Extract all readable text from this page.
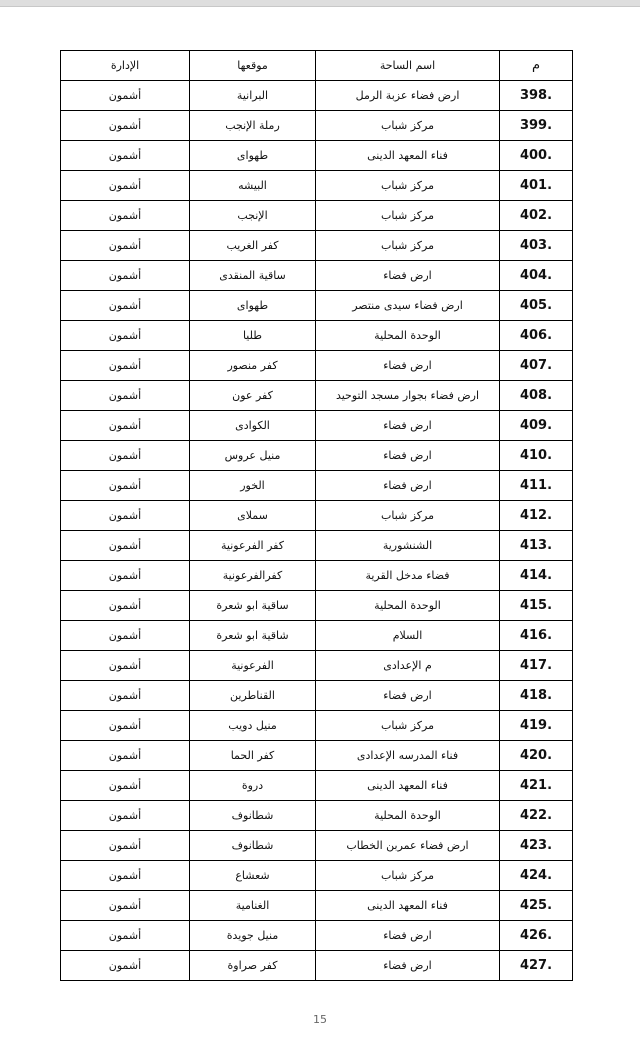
م	اسم الساحة	موقعها	الإدارة
398.	ارض فضاء عزبة الرمل	البرانية	أشمون
399.	مركز شباب	رملة الإنجب	أشمون
400.	فناء المعهد الدينى	طهواى	أشمون
401.	مركز شباب	البيشه	أشمون
402.	مركز شباب	الإنجب	أشمون
403.	مركز شباب	كفر الغريب	أشمون
404.	ارض فضاء	ساقية المنقدى	أشمون
405.	ارض فضاء سيدى منتصر	طهواى	أشمون
406.	الوحدة المحلية	طليا	أشمون
407.	ارض فضاء	كفر منصور	أشمون
408.	ارض فضاء بجوار مسجد التوحيد	كفر عون	أشمون
409.	ارض فضاء	الكوادى	أشمون
410.	ارض فضاء	منيل عروس	أشمون
411.	ارض فضاء	الخور	أشمون
412.	مركز شباب	سملاى	أشمون
413.	الشنشورية	كفر الفرعونية	أشمون
414.	فضاء مدخل القرية	كفرالفرعونية	أشمون
415.	الوحدة المحلية	ساقية ابو شعرة	أشمون
416.	السلام	شاقية ابو شعرة	أشمون
417.	م الإعدادى	الفرعونية	أشمون
418.	ارض فضاء	القناطرين	أشمون
419.	مركز شباب	منيل دويب	أشمون
420.	فناء المدرسه الإعدادى	كفر الحما	أشمون
421.	فناء المعهد الدينى	دروة	أشمون
422.	الوحدة المحلية	شطانوف	أشمون
423.	ارض فضاء عمربن الخطاب	شطانوف	أشمون
424.	مركز شباب	شعشاع	أشمون
425.	فناء المعهد الدينى	الغنامية	أشمون
426.	ارض فضاء	منيل جويدة	أشمون
427.	ارض فضاء	كفر صراوة	أشمون
15
